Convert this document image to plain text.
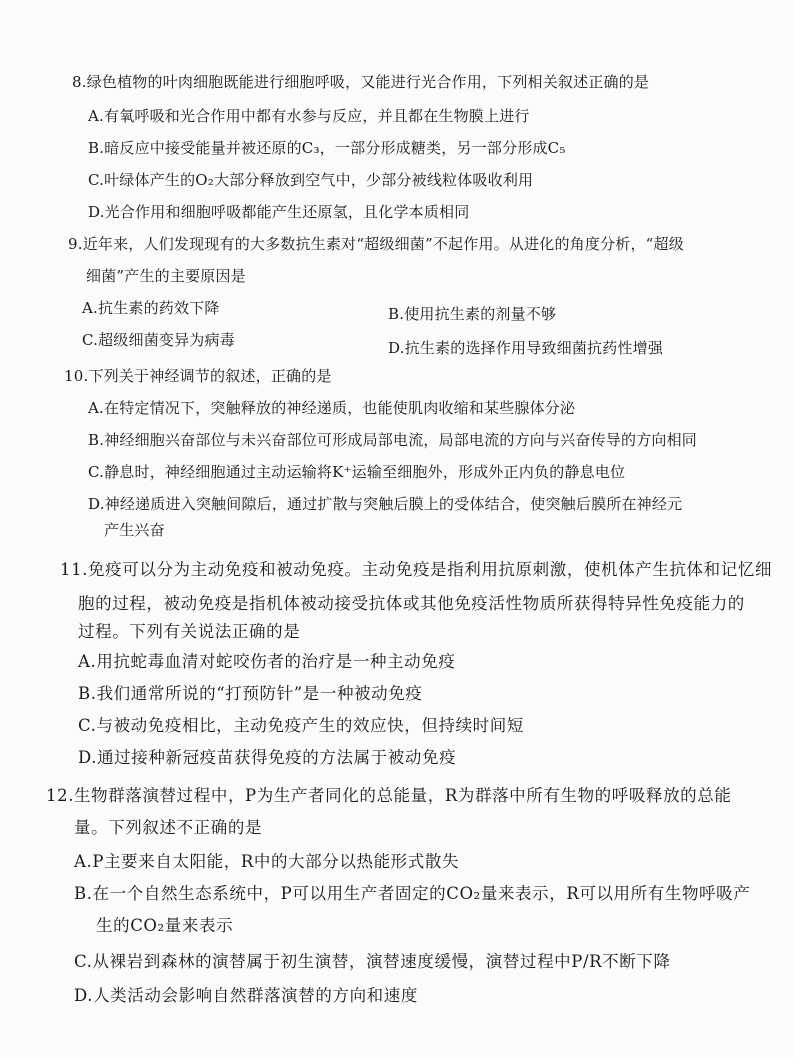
8.绿色植物的叶肉细胞既能进行细胞呼吸，又能进行光合作用，下列相关叙述正确的是
A.有氧呼吸和光合作用中都有水参与反应，并且都在生物膜上进行
B.暗反应中接受能量并被还原的C₃，一部分形成糖类，另一部分形成C₅
C.叶绿体产生的O₂大部分释放到空气中，少部分被线粒体吸收利用
D.光合作用和细胞呼吸都能产生还原氢，且化学本质相同
9.近年来，人们发现现有的大多数抗生素对“超级细菌”不起作用。从进化的角度分析，“超级
细菌”产生的主要原因是
A.抗生素的药效下降	B.使用抗生素的剂量不够
C.超级细菌变异为病毒	D.抗生素的选择作用导致细菌抗药性增强
10.下列关于神经调节的叙述，正确的是
A.在特定情况下，突触释放的神经递质，也能使肌肉收缩和某些腺体分泌
B.神经细胞兴奋部位与未兴奋部位可形成局部电流，局部电流的方向与兴奋传导的方向相同
C.静息时，神经细胞通过主动运输将K⁺运输至细胞外，形成外正内负的静息电位
D.神经递质进入突触间隙后，通过扩散与突触后膜上的受体结合，使突触后膜所在神经元
产生兴奋
11.免疫可以分为主动免疫和被动免疫。主动免疫是指利用抗原刺激，使机体产生抗体和记忆细
胞的过程，被动免疫是指机体被动接受抗体或其他免疫活性物质所获得特异性免疫能力的
过程。下列有关说法正确的是
A.用抗蛇毒血清对蛇咬伤者的治疗是一种主动免疫
B.我们通常所说的“打预防针”是一种被动免疫
C.与被动免疫相比，主动免疫产生的效应快，但持续时间短
D.通过接种新冠疫苗获得免疫的方法属于被动免疫
12.生物群落演替过程中，P为生产者同化的总能量，R为群落中所有生物的呼吸释放的总能
量。下列叙述不正确的是
A.P主要来自太阳能，R中的大部分以热能形式散失
B.在一个自然生态系统中，P可以用生产者固定的CO₂量来表示，R可以用所有生物呼吸产
生的CO₂量来表示
C.从裸岩到森林的演替属于初生演替，演替速度缓慢，演替过程中P/R不断下降
D.人类活动会影响自然群落演替的方向和速度
